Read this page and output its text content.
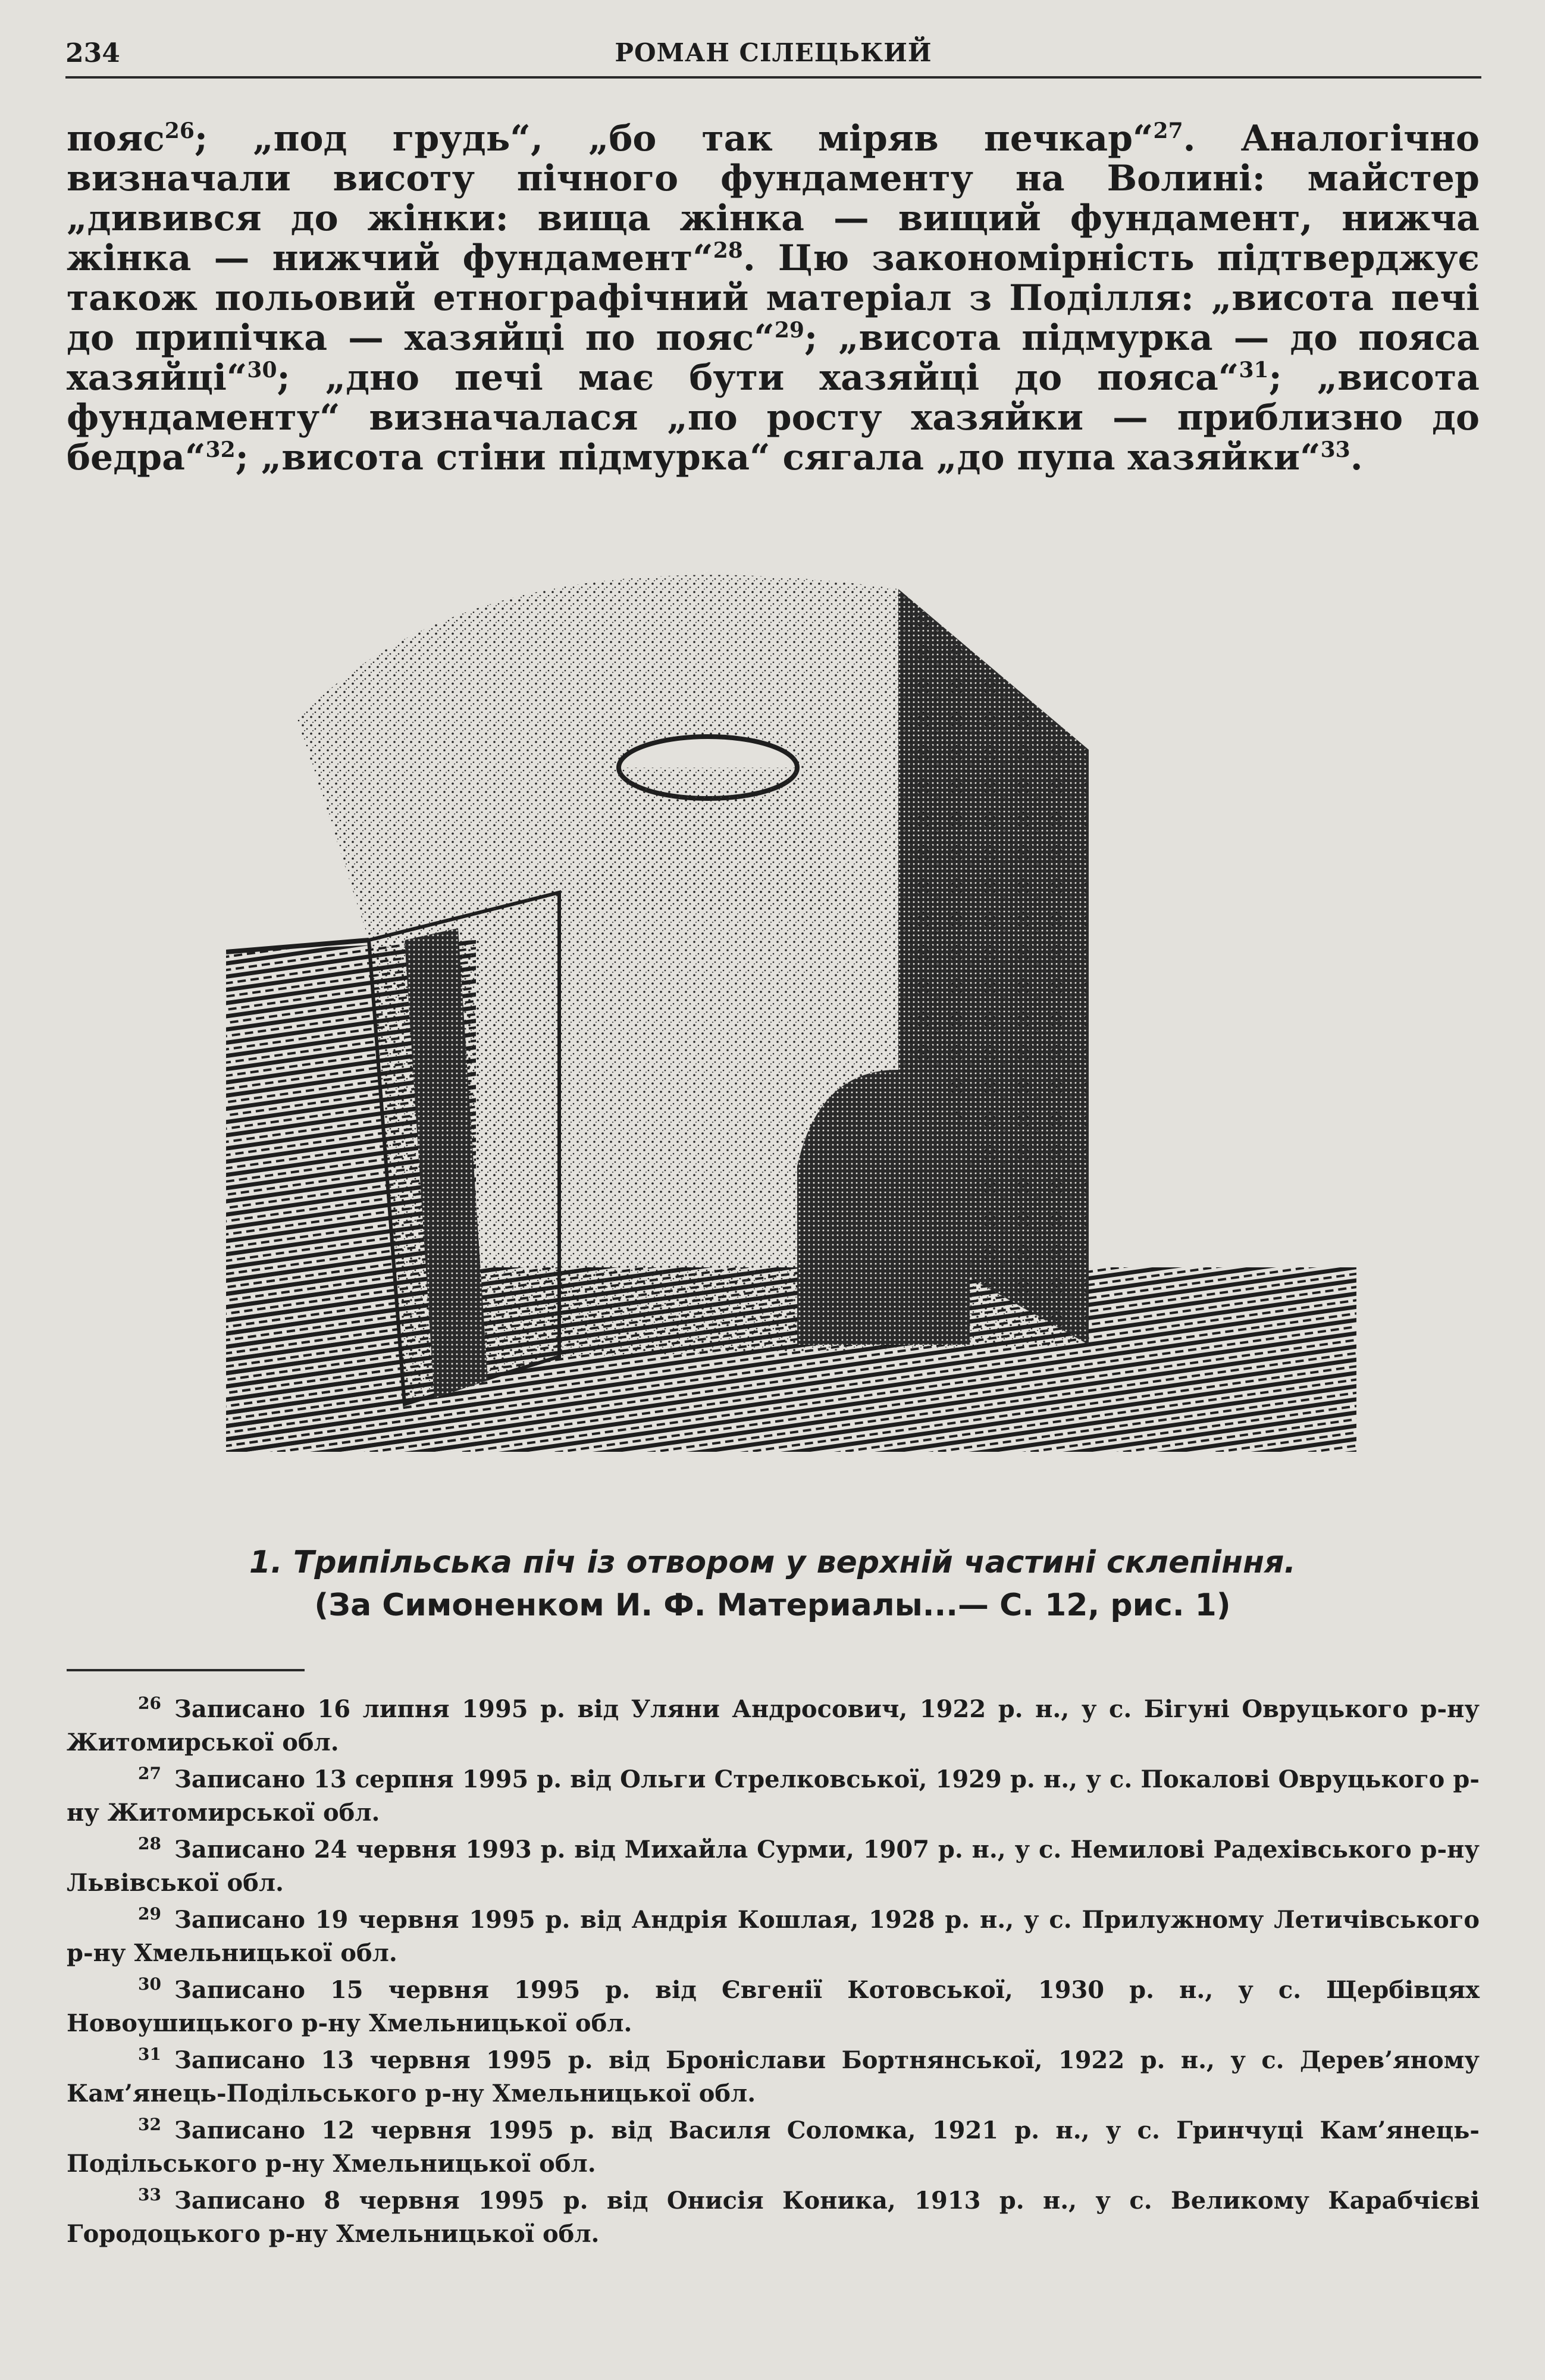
234	РОМАН СІЛЕЦЬКИЙ
пояс$^{26}$; „под грудь“, „бо так міряв печкар“$^{27}$. Аналогічно визначали висоту пічного фундаменту на Волині: майстер „дивився до жінки: вища жінка — вищий фундамент, нижча жінка — нижчий фундамент“$^{28}$. Цю закономірність підтверджує також польовий етнографічний матеріал з Поділля: „висота печі до припічка — хазяйці по пояс“$^{29}$; „висота підмурка — до пояса хазяйці“$^{30}$; „дно печі має бути хазяйці до пояса“$^{31}$; „висота фундаменту“ визначалася „по росту хазяйки — приблизно до бедра“$^{32}$; „висота стіни підмурка“ сягала „до пупа хазяйки“$^{33}$.
1. Трипільська піч із отвором у верхній частині склепіння.
(За Симоненком И. Ф. Материалы...— С. 12, рис. 1)
$^{26}$ Записано 16 липня 1995 р. від Уляни Андросович, 1922 р. н., у с. Бігуні Овруцького р-ну Житомирської обл.
$^{27}$ Записано 13 серпня 1995 р. від Ольги Стрелковської, 1929 р. н., у с. Покалові Овруцького р-ну Житомирської обл.
$^{28}$ Записано 24 червня 1993 р. від Михайла Сурми, 1907 р. н., у с. Немилові Радехівського р-ну Львівської обл.
$^{29}$ Записано 19 червня 1995 р. від Андрія Кошлая, 1928 р. н., у с. Прилужному Летичівського р-ну Хмельницької обл.
$^{30}$ Записано 15 червня 1995 р. від Євгенії Котовської, 1930 р. н., у с. Щербівцях Новоушицького р-ну Хмельницької обл.
$^{31}$ Записано 13 червня 1995 р. від Броніслави Бортнянської, 1922 р. н., у с. Дерев’яному Кам’янець-Подільського р-ну Хмельницької обл.
$^{32}$ Записано 12 червня 1995 р. від Василя Соломка, 1921 р. н., у с. Гринчуці Кам’янець-Подільського р-ну Хмельницької обл.
$^{33}$ Записано 8 червня 1995 р. від Онисія Коника, 1913 р. н., у с. Великому Карабчієві Городоцького р-ну Хмельницької обл.
